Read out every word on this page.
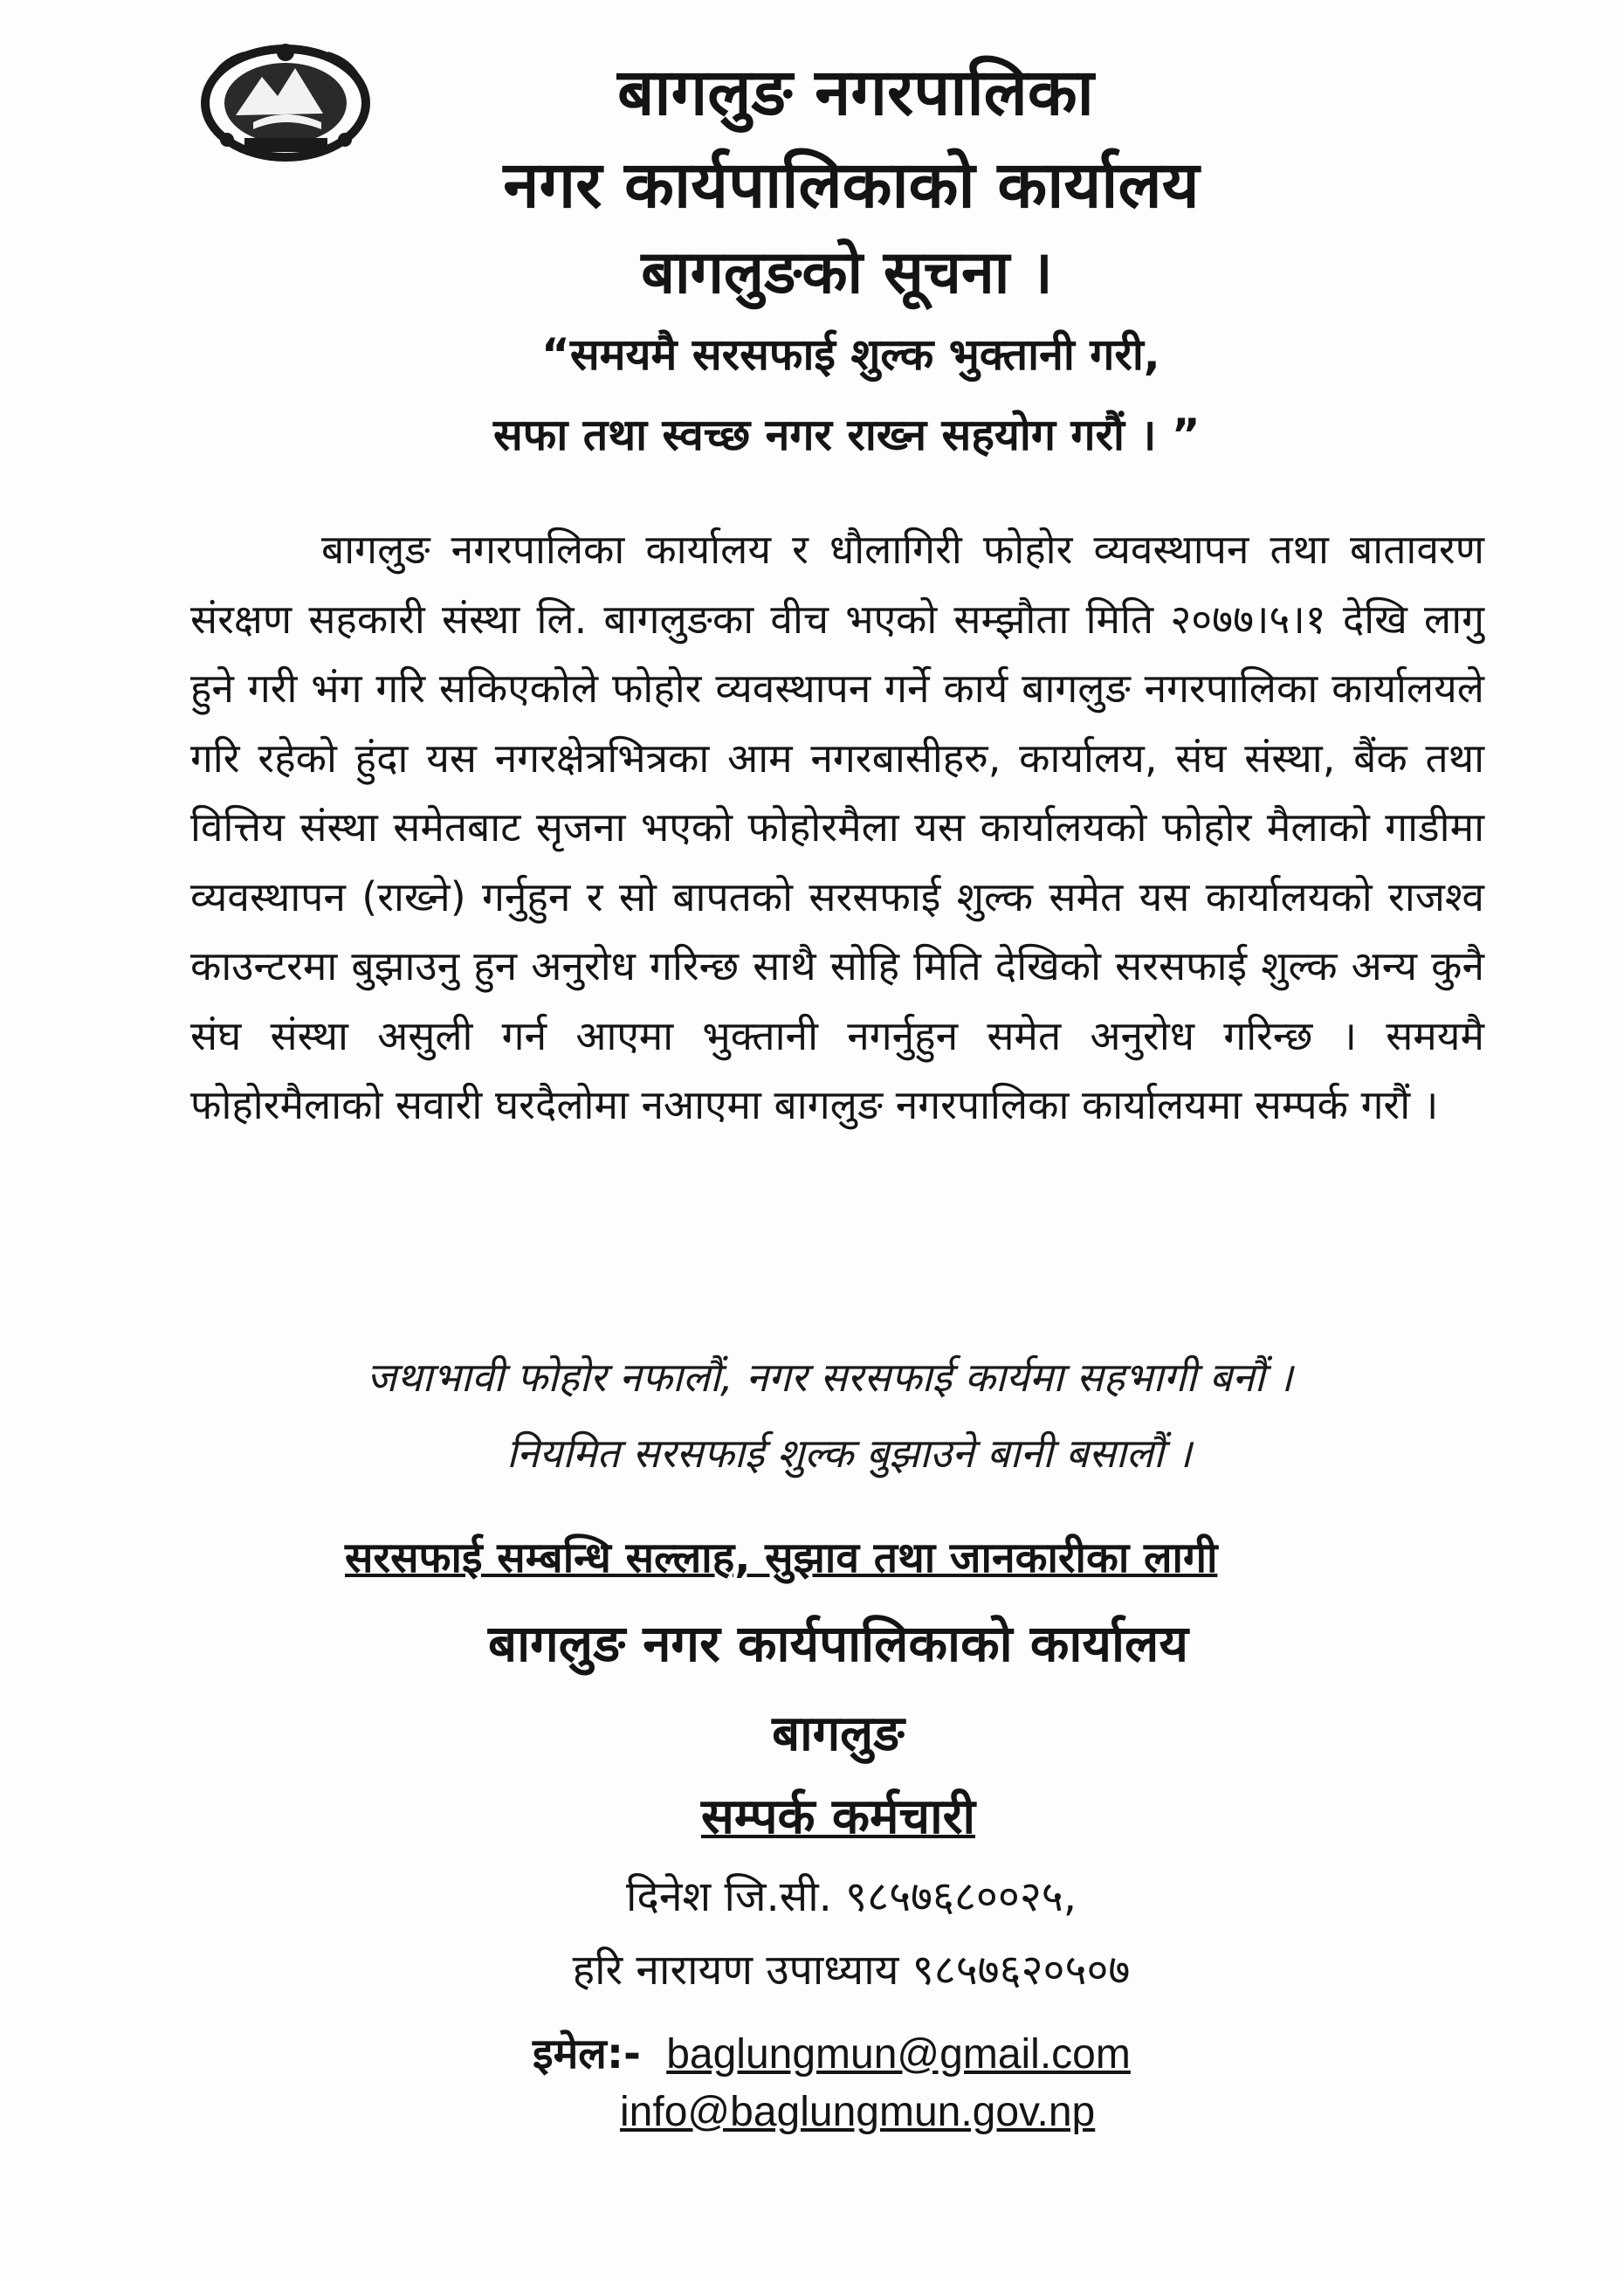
बागलुङ नगरपालिका
नगर कार्यपालिकाको कार्यालय
बागलुङको सूचना ।
“समयमै सरसफाई शुल्क भुक्तानी गरी,
सफा तथा स्वच्छ नगर राख्न सहयोग गरौं । ”

बागलुङ नगरपालिका कार्यालय र धौलागिरी फोहोर व्यवस्थापन तथा बातावरण संरक्षण सहकारी संस्था लि. बागलुङका वीच भएको सम्झौता मिति २०७७।५।१ देखि लागु हुने गरी भंग गरि सकिएकोले फोहोर व्यवस्थापन गर्ने कार्य बागलुङ नगरपालिका कार्यालयले गरि रहेको हुंदा यस नगरक्षेत्रभित्रका आम नगरबासीहरु, कार्यालय, संघ संस्था, बैंक तथा वित्तिय संस्था समेतबाट सृजना भएको फोहोरमैला यस कार्यालयको फोहोर मैलाको गाडीमा व्यवस्थापन (राख्ने) गर्नुहुन र सो बापतको सरसफाई शुल्क समेत यस कार्यालयको राजश्व काउन्टरमा बुझाउनु हुन अनुरोध गरिन्छ साथै सोहि मिति देखिको सरसफाई शुल्क अन्य कुनै संघ संस्था असुली गर्न आएमा भुक्तानी नगर्नुहुन समेत अनुरोध गरिन्छ । समयमै फोहोरमैलाको सवारी घरदैलोमा नआएमा बागलुङ नगरपालिका कार्यालयमा सम्पर्क गरौं ।

जथाभावी फोहोर नफालौं, नगर सरसफाई कार्यमा सहभागी बनौं ।
नियमित सरसफाई शुल्क बुझाउने बानी बसालौं ।
सरसफाई सम्बन्धि सल्लाह, सुझाव तथा जानकारीका लागी
बागलुङ नगर कार्यपालिकाको कार्यालय
बागलुङ
सम्पर्क कर्मचारी
दिनेश जि.सी. ९८५७६८००२५,
हरि नारायण उपाध्याय ९८५७६२०५०७
इमेल:- baglungmun@gmail.com
info@baglungmun.gov.np
